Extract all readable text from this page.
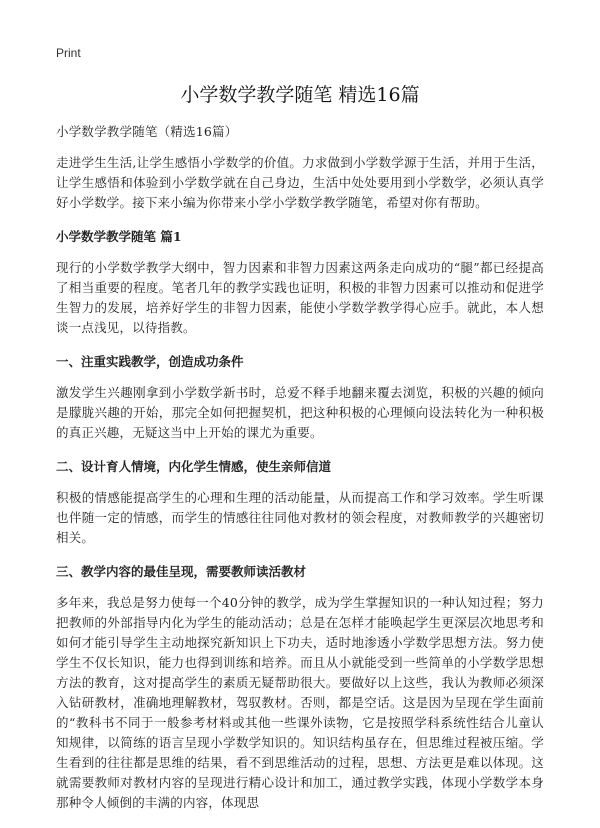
Print
小学数学教学随笔 精选16篇

小学数学教学随笔（精选16篇）

走进学生生活,让学生感悟小学数学的价值。力求做到小学数学源于生活，并用于生活，让学生感悟和体验到小学数学就在自己身边，生活中处处要用到小学数学，必须认真学好小学数学。接下来小编为你带来小学小学数学教学随笔，希望对你有帮助。

小学数学教学随笔 篇1

现行的小学数学教学大纲中，智力因素和非智力因素这两条走向成功的“腿”都已经提高了相当重要的程度。笔者几年的教学实践也证明，积极的非智力因素可以推动和促进学生智力的发展，培养好学生的非智力因素，能使小学数学教学得心应手。就此，本人想谈一点浅见，以待指教。

一、注重实践教学，创造成功条件

激发学生兴趣刚拿到小学数学新书时，总爱不释手地翻来覆去浏览，积极的兴趣的倾向是朦胧兴趣的开始，那完全如何把握契机，把这种积极的心理倾向设法转化为一种积极的真正兴趣，无疑这当中上开始的课尤为重要。

二、设计育人情境，内化学生情感，使生亲师信道

积极的情感能提高学生的心理和生理的活动能量，从而提高工作和学习效率。学生听课也伴随一定的情感，而学生的情感往往同他对教材的领会程度，对教师教学的兴趣密切相关。

三、教学内容的最佳呈现，需要教师读活教材

多年来，我总是努力使每一个40分钟的教学，成为学生掌握知识的一种认知过程；努力把教师的外部指导内化为学生的能动活动；总是在怎样才能唤起学生更深层次地思考和如何才能引导学生主动地探究新知识上下功夫，适时地渗透小学数学思想方法。努力使学生不仅长知识，能力也得到训练和培养。而且从小就能受到一些简单的小学数学思想方法的教育，这对提高学生的素质无疑帮助很大。要做好以上这些，我认为教师必须深入钻研教材，准确地理解教材，驾驭教材。否则，都是空话。这是因为呈现在学生面前的“教科书不同于一般参考材料或其他一些课外读物，它是按照学科系统性结合儿童认知规律，以简练的语言呈现小学数学知识的。知识结构虽存在，但思维过程被压缩。学生看到的往往都是思维的结果，看不到思维活动的过程，思想、方法更是难以体现。这就需要教师对教材内容的呈现进行精心设计和加工，通过教学实践，体现小学数学本身那种令人倾倒的丰满的内容，体现思
